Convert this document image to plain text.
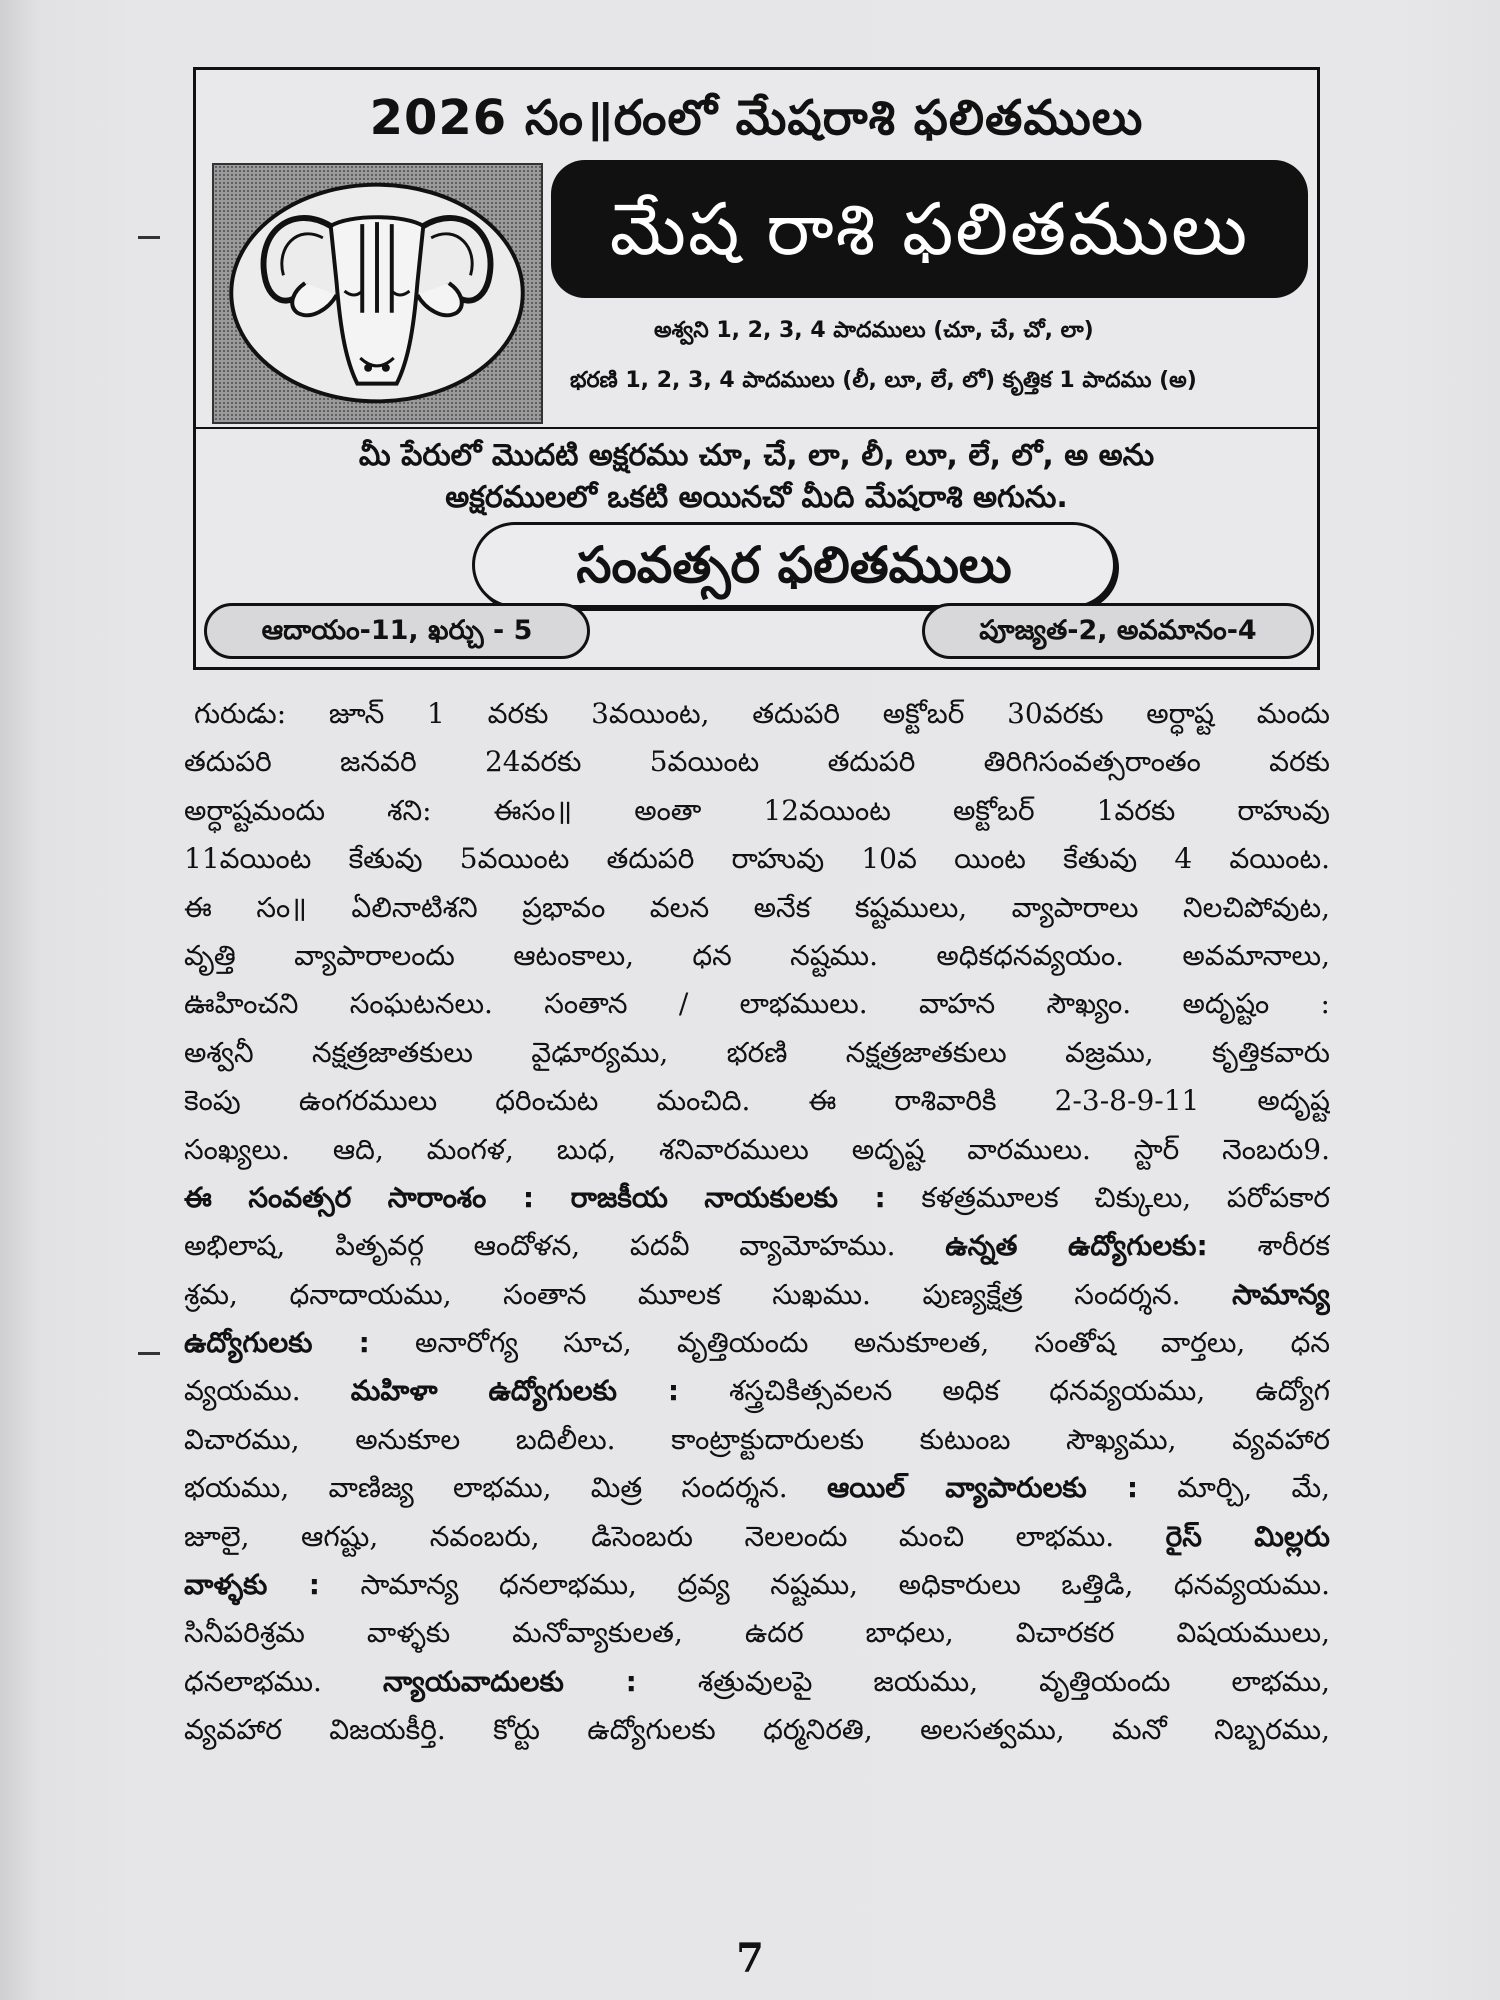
2026 సం॥రంలో మేషరాశి ఫలితములు
మేష రాశి ఫలితములు
అశ్వని 1, 2, 3, 4 పాదములు (చూ, చే, చో, లా)
భరణి 1, 2, 3, 4 పాదములు (లీ, లూ, లే, లో) కృత్తిక 1 పాదము (అ)
మీ పేరులో మొదటి అక్షరము చూ, చే, లా, లీ, లూ, లే, లో, అ అను
అక్షరములలో ఒకటి అయినచో మీది మేషరాశి అగును.
సంవత్సర ఫలితములు
ఆదాయం-11, ఖర్చు - 5	పూజ్యత-2, అవమానం-4
గురుడు: జూన్ 1 వరకు 3వయింట, తదుపరి అక్టోబర్ 30వరకు అర్ధాష్ట మందు
తదుపరి జనవరి 24వరకు 5వయింట తదుపరి తిరిగిసంవత్సరాంతం వరకు
అర్ధాష్టమందు శని: ఈసం॥ అంతా 12వయింట అక్టోబర్ 1వరకు రాహువు
11వయింట కేతువు 5వయింట తదుపరి రాహువు 10వ యింట కేతువు 4 వయింట.
ఈ సం॥ ఏలినాటిశని ప్రభావం వలన అనేక కష్టములు, వ్యాపారాలు నిలచిపోవుట,
వృత్తి వ్యాపారాలందు ఆటంకాలు, ధన నష్టము. అధికధనవ్యయం. అవమానాలు,
ఊహించని సంఘటనలు. సంతాన / లాభములు. వాహన సౌఖ్యం. అదృష్టం :
అశ్వనీ నక్షత్రజాతకులు వైఢూర్యము, భరణి నక్షత్రజాతకులు వజ్రము, కృత్తికవారు
కెంపు ఉంగరములు ధరించుట మంచిది. ఈ రాశివారికి 2-3-8-9-11 అదృష్ట
సంఖ్యలు. ఆది, మంగళ, బుధ, శనివారములు అదృష్ట వారములు. స్టార్ నెంబరు9.
ఈ సంవత్సర సారాంశం : రాజకీయ నాయకులకు : కళత్రమూలక చిక్కులు, పరోపకార
అభిలాష, పితృవర్గ ఆందోళన, పదవీ వ్యామోహము. ఉన్నత ఉద్యోగులకు: శారీరక
శ్రమ, ధనాదాయము, సంతాన మూలక సుఖము. పుణ్యక్షేత్ర సందర్శన. సామాన్య
ఉద్యోగులకు : అనారోగ్య సూచ, వృత్తియందు అనుకూలత, సంతోష వార్తలు, ధన
వ్యయము. మహిళా ఉద్యోగులకు : శస్త్రచికిత్సవలన అధిక ధనవ్యయము, ఉద్యోగ
విచారము, అనుకూల బదిలీలు. కాంట్రాక్టుదారులకు కుటుంబ సౌఖ్యము, వ్యవహార
భయము, వాణిజ్య లాభము, మిత్ర సందర్శన. ఆయిల్ వ్యాపారులకు : మార్చి, మే,
జూలై, ఆగష్టు, నవంబరు, డిసెంబరు నెలలందు మంచి లాభము. రైస్ మిల్లరు
వాళ్ళకు : సామాన్య ధనలాభము, ద్రవ్య నష్టము, అధికారులు ఒత్తిడి, ధనవ్యయము.
సినీపరిశ్రమ వాళ్ళకు మనోవ్యాకులత, ఉదర బాధలు, విచారకర విషయములు,
ధనలాభము. న్యాయవాదులకు : శత్రువులపై జయము, వృత్తియందు లాభము,
వ్యవహార విజయకీర్తి. కోర్టు ఉద్యోగులకు ధర్మనిరతి, అలసత్వము, మనో నిబ్బరము,
7
